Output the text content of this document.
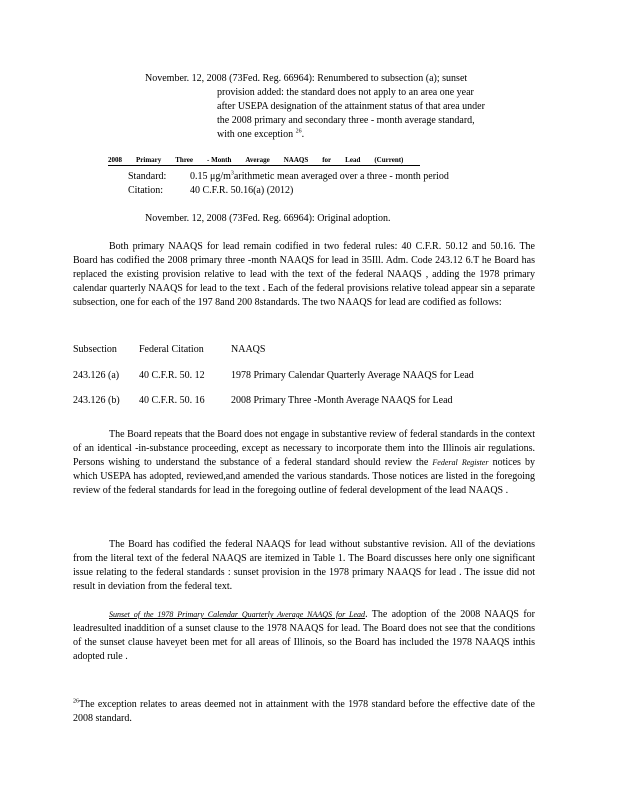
November. 12, 2008 (73Fed. Reg. 66964): Renumbered to subsection (a); sunset

provision added: the standard does not apply to an area one year

after USEPA designation of the attainment status of that area under

the 2008 primary and secondary three - month average standard,

with one exception $^{26}$.

2008 Primary Three - Month Average NAAQS for Lead (Current)
Standard: 0.15 $\mu g/m^3arithmetic$ mean averaged over a three - month period
Citation:	40 C.F.R. 50.16(a) (2012)
November. 12, 2008 (73Fed. Reg. 66964): Original adoption.

Both primary NAAQS for lead remain codified in two federal rules: 40 C.F.R. 50.12 and 50.16. The Board has codified the 2008 primary three -month NAAQS for lead in 35Ill. Adm. Code 243.12 6.T he Board has replaced the existing provision relative to lead with the text of the federal NAAQS , adding the 1978 primary calendar quarterly NAAQS for lead to the text . Each of the federal provisions relative tolead appear sin a separate subsection, one for each of the 197 8and 200 8standards. The two NAAQS for lead are codified as follows:

Subsection Federal Citation	NAAQS
243.126 (a) 40 C.F.R. 50. 12	1978 Primary Calendar Quarterly Average NAAQS for Lead
243.126 (b) 40 C.F.R. 50. 16	2008 Primary Three -Month Average NAAQS for Lead

The Board repeats that the Board does not engage in substantive review of federal standards in the context of an identical -in-substance proceeding, except as necessary to incorporate them into the Illinois air regulations. Persons wishing to understand the substance of a federal standard should review the Federal Register notices by which USEPA has adopted, reviewed,and amended the various standards. Those notices are listed in the foregoing review of the federal standards for lead in the foregoing outline of federal development of the lead NAAQS .

The Board has codified the federal NAAQS for lead without substantive revision. All of the deviations from the literal text of the federal NAAQS are itemized in Table 1. The Board discusses here only one significant issue relating to the federal standards : sunset provision in the 1978 primary NAAQS for lead . The issue did not result in deviation from the federal text.

Sunset of the 1978 Primary Calendar Quarterly Average NAAQS for Lead. The adoption of the 2008 NAAQS for leadresulted inaddition of a sunset clause to the 1978 NAAQS for lead. The Board does not see that the conditions of the sunset clause haveyet been met for all areas of Illinois, so the Board has included the 1978 NAAQS inthis adopted rule .

$^{26}$The exception relates to areas deemed not in attainment with the 1978 standard before the effective date of the 2008 standard.
